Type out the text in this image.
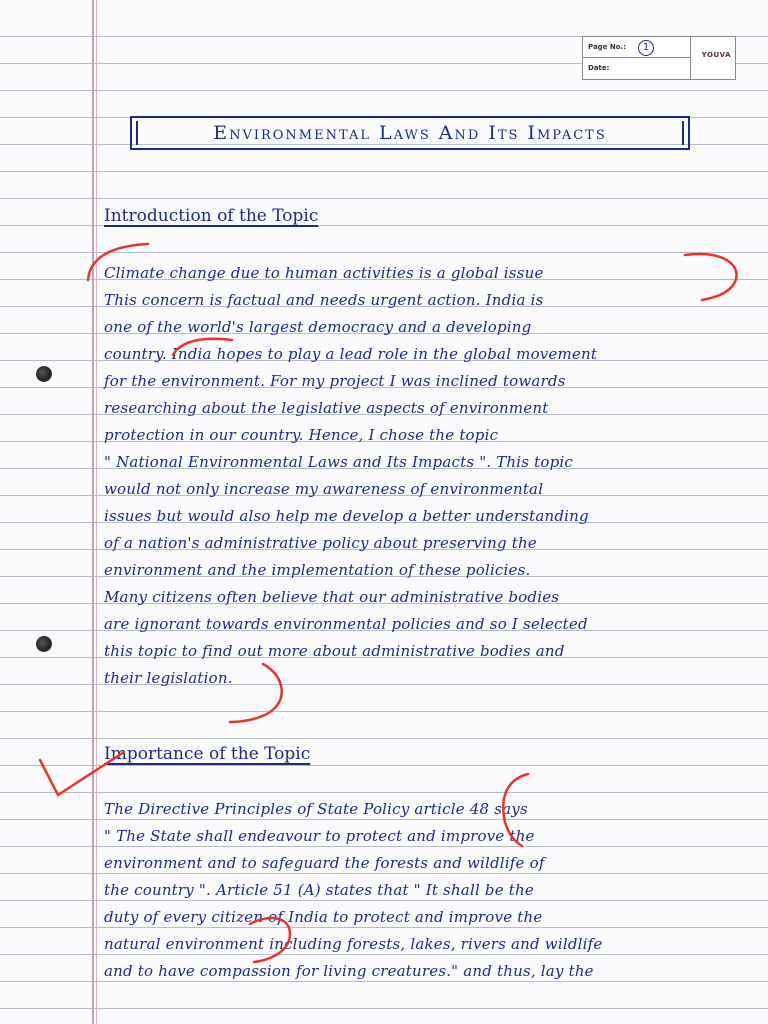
Page No.:	1
Date:
YOUVA
Environmental Laws And Its Impacts
Introduction of the Topic
Climate change due to human activities is a global issue
This concern is factual and needs urgent action. India is
one of the world's largest democracy and a developing
country. India hopes to play a lead role in the global movement
for the environment. For my project I was inclined towards
researching about the legislative aspects of environment
protection in our country. Hence, I chose the topic
" National Environmental Laws and Its Impacts ". This topic
would not only increase my awareness of environmental
issues but would also help me develop a better understanding
of a nation's administrative policy about preserving the
environment and the implementation of these policies.
Many citizens often believe that our administrative bodies
are ignorant towards environmental policies and so I selected
this topic to find out more about administrative bodies and
their legislation.
Importance of the Topic
The Directive Principles of State Policy article 48 says
" The State shall endeavour to protect and improve the
environment and to safeguard the forests and wildlife of
the country ". Article 51 (A) states that " It shall be the
duty of every citizen of India to protect and improve the
natural environment including forests, lakes, rivers and wildlife
and to have compassion for living creatures." and thus, lay the
